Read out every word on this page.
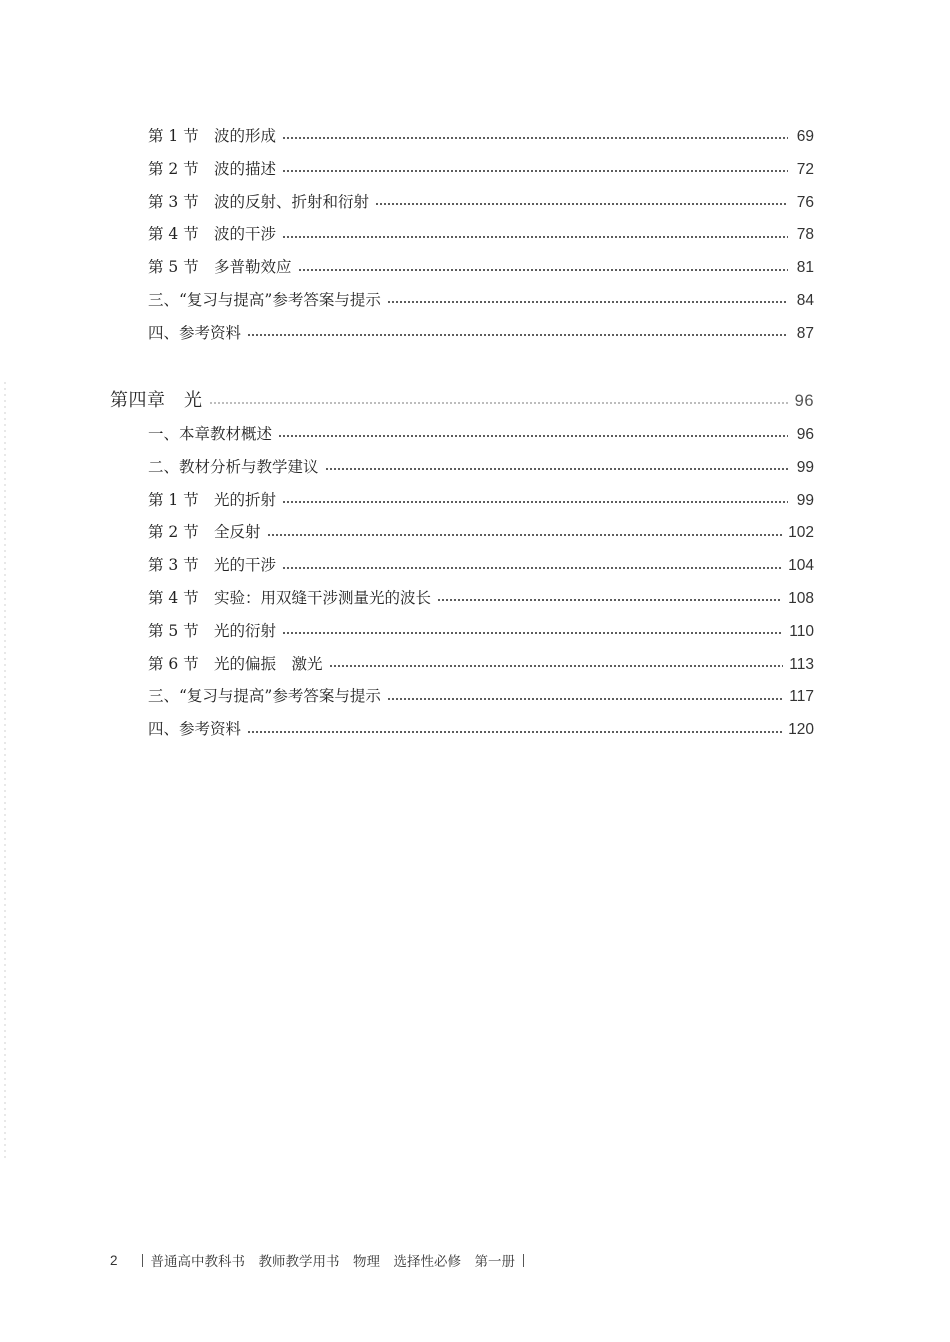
第 1 节 波的形成	69
第 2 节 波的描述	72
第 3 节 波的反射、折射和衍射	76
第 4 节 波的干涉	78
第 5 节 多普勒效应	81
三、“复习与提高”参考答案与提示	84
四、参考资料	87
第四章　光	96
一、本章教材概述	96
二、教材分析与教学建议	99
第 1 节 光的折射	99
第 2 节 全反射	102
第 3 节 光的干涉	104
第 4 节 实验：用双缝干涉测量光的波长	108
第 5 节 光的衍射	110
第 6 节 光的偏振　激光	113
三、“复习与提高”参考答案与提示	117
四、参考资料	120
2 普通高中教科书　教师教学用书　物理　选择性必修　第一册
